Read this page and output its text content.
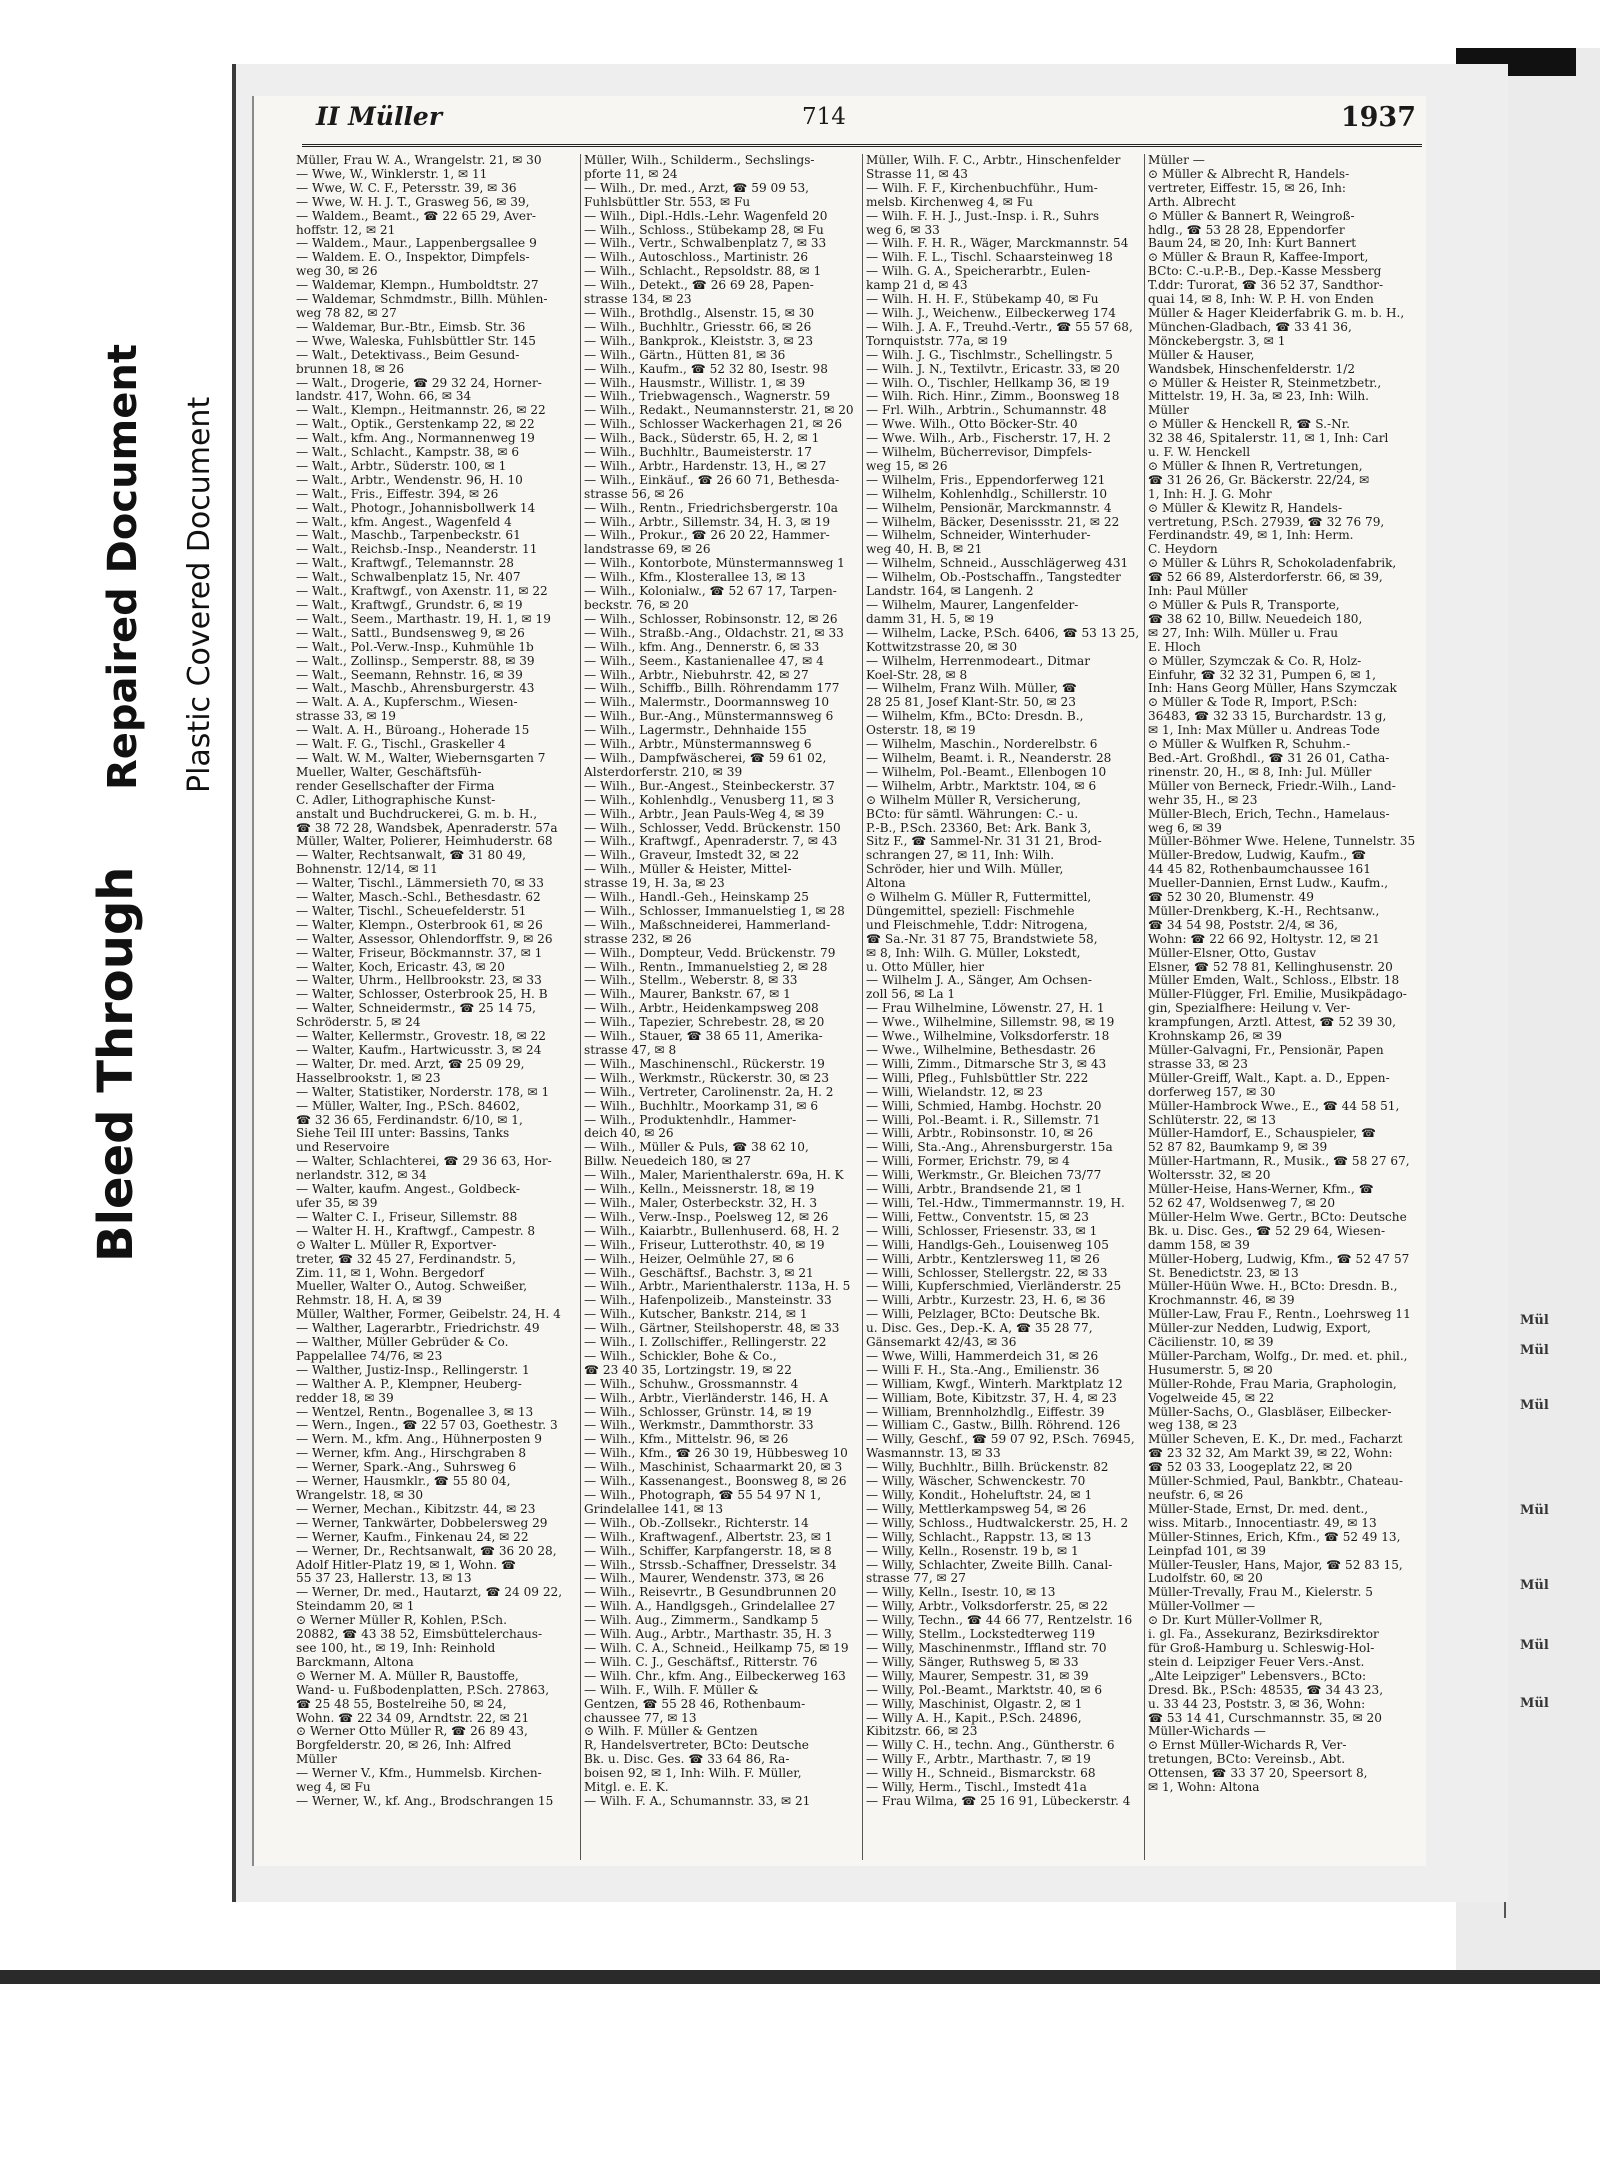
Mül
Mül
Mül
Mül
Mül
Mül
Mül
Bleed Through
Repaired Document Plastic Covered Document
II Müller	714	1937

Müller, Frau W. A., Wrangelstr. 21, ✉ 30

— Wwe, W., Winklerstr. 1, ✉ 11

— Wwe, W. C. F., Petersstr. 39, ✉ 36

— Wwe, W. H. J. T., Grasweg 56, ✉ 39,

— Waldem., Beamt., ☎ 22 65 29, Aver-

hoffstr. 12, ✉ 21

— Waldem., Maur., Lappenbergsallee 9

— Waldem. E. O., Inspektor, Dimpfels-

weg 30, ✉ 26

— Waldemar, Klempn., Humboldtstr. 27

— Waldemar, Schmdmstr., Billh. Mühlen-

weg 78 82, ✉ 27

— Waldemar, Bur.-Btr., Eimsb. Str. 36

— Wwe, Waleska, Fuhlsbüttler Str. 145

— Walt., Detektivass., Beim Gesund-

brunnen 18, ✉ 26

— Walt., Drogerie, ☎ 29 32 24, Horner-

landstr. 417, Wohn. 66, ✉ 34

— Walt., Klempn., Heitmannstr. 26, ✉ 22

— Walt., Optik., Gerstenkamp 22, ✉ 22

— Walt., kfm. Ang., Normannenweg 19

— Walt., Schlacht., Kampstr. 38, ✉ 6

— Walt., Arbtr., Süderstr. 100, ✉ 1

— Walt., Arbtr., Wendenstr. 96, H. 10

— Walt., Fris., Eiffestr. 394, ✉ 26

— Walt., Photogr., Johannisbollwerk 14

— Walt., kfm. Angest., Wagenfeld 4

— Walt., Maschb., Tarpenbeckstr. 61

— Walt., Reichsb.-Insp., Neanderstr. 11

— Walt., Kraftwgf., Telemannstr. 28

— Walt., Schwalbenplatz 15, Nr. 407

— Walt., Kraftwgf., von Axenstr. 11, ✉ 22

— Walt., Kraftwgf., Grundstr. 6, ✉ 19

— Walt., Seem., Marthastr. 19, H. 1, ✉ 19

— Walt., Sattl., Bundsensweg 9, ✉ 26

— Walt., Pol.-Verw.-Insp., Kuhmühle 1b

— Walt., Zollinsp., Semperstr. 88, ✉ 39

— Walt., Seemann, Rehnstr. 16, ✉ 39

— Walt., Maschb., Ahrensburgerstr. 43

— Walt. A. A., Kupferschm., Wiesen-

strasse 33, ✉ 19

— Walt. A. H., Büroang., Hoherade 15

— Walt. F. G., Tischl., Graskeller 4

— Walt. W. M., Walter, Wiebernsgarten 7

Mueller, Walter, Geschäftsfüh-

render Gesellschafter der Firma

C. Adler, Lithographische Kunst-

anstalt und Buchdruckerei, G. m. b. H.,

☎ 38 72 28, Wandsbek, Apenraderstr. 57a

Müller, Walter, Polierer, Heimhuderstr. 68

— Walter, Rechtsanwalt, ☎ 31 80 49,

Bohnenstr. 12/14, ✉ 11

— Walter, Tischl., Lämmersieth 70, ✉ 33

— Walter, Masch.-Schl., Bethesdastr. 62

— Walter, Tischl., Scheuefelderstr. 51

— Walter, Klempn., Osterbrook 61, ✉ 26

— Walter, Assessor, Ohlendorffstr. 9, ✉ 26

— Walter, Friseur, Böckmannstr. 37, ✉ 1

— Walter, Koch, Ericastr. 43, ✉ 20

— Walter, Uhrm., Hellbrookstr. 23, ✉ 33

— Walter, Schlosser, Osterbrook 25, H. B

— Walter, Schneidermstr., ☎ 25 14 75,

Schröderstr. 5, ✉ 24

— Walter, Kellermstr., Grovestr. 18, ✉ 22

— Walter, Kaufm., Hartwicusstr. 3, ✉ 24

— Walter, Dr. med. Arzt, ☎ 25 09 29,

Hasselbrookstr. 1, ✉ 23

— Walter, Statistiker, Norderstr. 178, ✉ 1

— Müller, Walter, Ing., P.Sch. 84602,

☎ 32 36 65, Ferdinandstr. 6/10, ✉ 1,

Siehe Teil III unter: Bassins, Tanks

und Reservoire

— Walter, Schlachterei, ☎ 29 36 63, Hor-

nerlandstr. 312, ✉ 34

— Walter, kaufm. Angest., Goldbeck-

ufer 35, ✉ 39

— Walter C. I., Friseur, Sillemstr. 88

— Walter H. H., Kraftwgf., Campestr. 8

⊙ Walter L. Müller R, Exportver-

treter, ☎ 32 45 27, Ferdinandstr. 5,

Zim. 11, ✉ 1, Wohn. Bergedorf

Mueller, Walter O., Autog. Schweißer,

Rehmstr. 18, H. A, ✉ 39

Müller, Walther, Former, Geibelstr. 24, H. 4

— Walther, Lagerarbtr., Friedrichstr. 49

— Walther, Müller Gebrüder & Co.

Pappelallee 74/76, ✉ 23

— Walther, Justiz-Insp., Rellingerstr. 1

— Walther A. P., Klempner, Heuberg-

redder 18, ✉ 39

— Wentzel, Rentn., Bogenallee 3, ✉ 13

— Wern., Ingen., ☎ 22 57 03, Goethestr. 3

— Wern. M., kfm. Ang., Hühnerposten 9

— Werner, kfm. Ang., Hirschgraben 8

— Werner, Spark.-Ang., Suhrsweg 6

— Werner, Hausmklr., ☎ 55 80 04,

Wrangelstr. 18, ✉ 30

— Werner, Mechan., Kibitzstr. 44, ✉ 23

— Werner, Tankwärter, Dobbelersweg 29

— Werner, Kaufm., Finkenau 24, ✉ 22

— Werner, Dr., Rechtsanwalt, ☎ 36 20 28,

Adolf Hitler-Platz 19, ✉ 1, Wohn. ☎

55 37 23, Hallerstr. 13, ✉ 13

— Werner, Dr. med., Hautarzt, ☎ 24 09 22,

Steindamm 20, ✉ 1

⊙ Werner Müller R, Kohlen, P.Sch.

20882, ☎ 43 38 52, Eimsbüttelerchaus-

see 100, ht., ✉ 19, Inh: Reinhold

Barckmann, Altona

⊙ Werner M. A. Müller R, Baustoffe,

Wand- u. Fußbodenplatten, P.Sch. 27863,

☎ 25 48 55, Bostelreihe 50, ✉ 24,

Wohn. ☎ 22 34 09, Arndtstr. 22, ✉ 21

⊙ Werner Otto Müller R, ☎ 26 89 43,

Borgfelderstr. 20, ✉ 26, Inh: Alfred

Müller

— Werner V., Kfm., Hummelsb. Kirchen-

weg 4, ✉ Fu

— Werner, W., kf. Ang., Brodschrangen 15

Müller, Wilh., Schilderm., Sechslings-

pforte 11, ✉ 24

— Wilh., Dr. med., Arzt, ☎ 59 09 53,

Fuhlsbüttler Str. 553, ✉ Fu

— Wilh., Dipl.-Hdls.-Lehr. Wagenfeld 20

— Wilh., Schloss., Stübekamp 28, ✉ Fu

— Wilh., Vertr., Schwalbenplatz 7, ✉ 33

— Wilh., Autoschloss., Martinistr. 26

— Wilh., Schlacht., Repsoldstr. 88, ✉ 1

— Wilh., Detekt., ☎ 26 69 28, Papen-

strasse 134, ✉ 23

— Wilh., Brothdlg., Alsenstr. 15, ✉ 30

— Wilh., Buchhltr., Griesstr. 66, ✉ 26

— Wilh., Bankprok., Kleiststr. 3, ✉ 23

— Wilh., Gärtn., Hütten 81, ✉ 36

— Wilh., Kaufm., ☎ 52 32 80, Isestr. 98

— Wilh., Hausmstr., Willistr. 1, ✉ 39

— Wilh., Triebwagensch., Wagnerstr. 59

— Wilh., Redakt., Neumannsterstr. 21, ✉ 20

— Wilh., Schlosser Wackerhagen 21, ✉ 26

— Wilh., Back., Süderstr. 65, H. 2, ✉ 1

— Wilh., Buchhltr., Baumeisterstr. 17

— Wilh., Arbtr., Hardenstr. 13, H., ✉ 27

— Wilh., Einkäuf., ☎ 26 60 71, Bethesda-

strasse 56, ✉ 26

— Wilh., Rentn., Friedrichsbergerstr. 10a

— Wilh., Arbtr., Sillemstr. 34, H. 3, ✉ 19

— Wilh., Prokur., ☎ 26 20 22, Hammer-

landstrasse 69, ✉ 26

— Wilh., Kontorbote, Münstermannsweg 1

— Wilh., Kfm., Klosterallee 13, ✉ 13

— Wilh., Kolonialw., ☎ 52 67 17, Tarpen-

beckstr. 76, ✉ 20

— Wilh., Schlosser, Robinsonstr. 12, ✉ 26

— Wilh., Straßb.-Ang., Oldachstr. 21, ✉ 33

— Wilh., kfm. Ang., Dennerstr. 6, ✉ 33

— Wilh., Seem., Kastanienallee 47, ✉ 4

— Wilh., Arbtr., Niebuhrstr. 42, ✉ 27

— Wilh., Schiffb., Billh. Röhrendamm 177

— Wilh., Malermstr., Doormannsweg 10

— Wilh., Bur.-Ang., Münstermannsweg 6

— Wilh., Lagermstr., Dehnhaide 155

— Wilh., Arbtr., Münstermannsweg 6

— Wilh., Dampfwäscherei, ☎ 59 61 02,

Alsterdorferstr. 210, ✉ 39

— Wilh., Bur.-Angest., Steinbeckerstr. 37

— Wilh., Kohlenhdlg., Venusberg 11, ✉ 3

— Wilh., Arbtr., Jean Pauls-Weg 4, ✉ 39

— Wilh., Schlosser, Vedd. Brückenstr. 150

— Wilh., Kraftwgf., Apenraderstr. 7, ✉ 43

— Wilh., Graveur, Imstedt 32, ✉ 22

— Wilh., Müller & Heister, Mittel-

strasse 19, H. 3a, ✉ 23

— Wilh., Handl.-Geh., Heinskamp 25

— Wilh., Schlosser, Immanuelstieg 1, ✉ 28

— Wilh., Maßschneiderei, Hammerland-

strasse 232, ✉ 26

— Wilh., Dompteur, Vedd. Brückenstr. 79

— Wilh., Rentn., Immanuelstieg 2, ✉ 28

— Wilh., Stellm., Weberstr. 8, ✉ 33

— Wilh., Maurer, Bankstr. 67, ✉ 1

— Wilh., Arbtr., Heidenkampsweg 208

— Wilh., Tapezier, Schrebestr. 28, ✉ 20

— Wilh., Stauer, ☎ 38 65 11, Amerika-

strasse 47, ✉ 8

— Wilh., Maschinenschl., Rückerstr. 19

— Wilh., Werkmstr., Rückerstr. 30, ✉ 23

— Wilh., Vertreter, Carolinenstr. 2a, H. 2

— Wilh., Buchhltr., Moorkamp 31, ✉ 6

— Wilh., Produktenhdlr., Hammer-

deich 40, ✉ 26

— Wilh., Müller & Puls, ☎ 38 62 10,

Billw. Neuedeich 180, ✉ 27

— Wilh., Maler, Marienthalerstr. 69a, H. K

— Wilh., Kelln., Meissnerstr. 18, ✉ 19

— Wilh., Maler, Osterbeckstr. 32, H. 3

— Wilh., Verw.-Insp., Poelsweg 12, ✉ 26

— Wilh., Kaiarbtr., Bullenhuserd. 68, H. 2

— Wilh., Friseur, Lutterothstr. 40, ✉ 19

— Wilh., Heizer, Oelmühle 27, ✉ 6

— Wilh., Geschäftsf., Bachstr. 3, ✉ 21

— Wilh., Arbtr., Marienthalerstr. 113a, H. 5

— Wilh., Hafenpolizeib., Mansteinstr. 33

— Wilh., Kutscher, Bankstr. 214, ✉ 1

— Wilh., Gärtner, Steilshoperstr. 48, ✉ 33

— Wilh., I. Zollschiffer., Rellingerstr. 22

— Wilh., Schickler, Bohe & Co.,

☎ 23 40 35, Lortzingstr. 19, ✉ 22

— Wilh., Schuhw., Grossmannstr. 4

— Wilh., Arbtr., Vierländerstr. 146, H. A

— Wilh., Schlosser, Grünstr. 14, ✉ 19

— Wilh., Werkmstr., Dammthorstr. 33

— Wilh., Kfm., Mittelstr. 96, ✉ 26

— Wilh., Kfm., ☎ 26 30 19, Hübbesweg 10

— Wilh., Maschinist, Schaarmarkt 20, ✉ 3

— Wilh., Kassenangest., Boonsweg 8, ✉ 26

— Wilh., Photograph, ☎ 55 54 97 N 1,

Grindelallee 141, ✉ 13

— Wilh., Ob.-Zollsekr., Richterstr. 14

— Wilh., Kraftwagenf., Albertstr. 23, ✉ 1

— Wilh., Schiffer, Karpfangerstr. 18, ✉ 8

— Wilh., Strssb.-Schaffner, Dresselstr. 34

— Wilh., Maurer, Wendenstr. 373, ✉ 26

— Wilh., Reisevrtr., B Gesundbrunnen 20

— Wilh. A., Handlgsgeh., Grindelallee 27

— Wilh. Aug., Zimmerm., Sandkamp 5

— Wilh. Aug., Arbtr., Marthastr. 35, H. 3

— Wilh. C. A., Schneid., Heilkamp 75, ✉ 19

— Wilh. C. J., Geschäftsf., Ritterstr. 76

— Wilh. Chr., kfm. Ang., Eilbeckerweg 163

— Wilh. F., Wilh. F. Müller &

Gentzen, ☎ 55 28 46, Rothenbaum-

chaussee 77, ✉ 13

⊙ Wilh. F. Müller & Gentzen

R, Handelsvertreter, BCto: Deutsche

Bk. u. Disc. Ges. ☎ 33 64 86, Ra-

boisen 92, ✉ 1, Inh: Wilh. F. Müller,

Mitgl. e. E. K.

— Wilh. F. A., Schumannstr. 33, ✉ 21

Müller, Wilh. F. C., Arbtr., Hinschenfelder

Strasse 11, ✉ 43

— Wilh. F. F., Kirchenbuchführ., Hum-

melsb. Kirchenweg 4, ✉ Fu

— Wilh. F. H. J., Just.-Insp. i. R., Suhrs

weg 6, ✉ 33

— Wilh. F. H. R., Wäger, Marckmannstr. 54

— Wilh. F. L., Tischl. Schaarsteinweg 18

— Wilh. G. A., Speicherarbtr., Eulen-

kamp 21 d, ✉ 43

— Wilh. H. H. F., Stübekamp 40, ✉ Fu

— Wilh. J., Weichenw., Eilbeckerweg 174

— Wilh. J. A. F., Treuhd.-Vertr., ☎ 55 57 68,

Tornquiststr. 77a, ✉ 19

— Wilh. J. G., Tischlmstr., Schellingstr. 5

— Wilh. J. N., Textilvtr., Ericastr. 33, ✉ 20

— Wilh. O., Tischler, Hellkamp 36, ✉ 19

— Wilh. Rich. Hinr., Zimm., Boonsweg 18

— Frl. Wilh., Arbtrin., Schumannstr. 48

— Wwe. Wilh., Otto Böcker-Str. 40

— Wwe. Wilh., Arb., Fischerstr. 17, H. 2

— Wilhelm, Bücherrevisor, Dimpfels-

weg 15, ✉ 26

— Wilhelm, Fris., Eppendorferweg 121

— Wilhelm, Kohlenhdlg., Schillerstr. 10

— Wilhelm, Pensionär, Marckmannstr. 4

— Wilhelm, Bäcker, Desenissstr. 21, ✉ 22

— Wilhelm, Schneider, Winterhuder-

weg 40, H. B, ✉ 21

— Wilhelm, Schneid., Ausschlägerweg 431

— Wilhelm, Ob.-Postschaffn., Tangstedter

Landstr. 164, ✉ Langenh. 2

— Wilhelm, Maurer, Langenfelder-

damm 31, H. 5, ✉ 19

— Wilhelm, Lacke, P.Sch. 6406, ☎ 53 13 25,

Kottwitzstrasse 20, ✉ 30

— Wilhelm, Herrenmodeart., Ditmar

Koel-Str. 28, ✉ 8

— Wilhelm, Franz Wilh. Müller, ☎

28 25 81, Josef Klant-Str. 50, ✉ 23

— Wilhelm, Kfm., BCto: Dresdn. B.,

Osterstr. 18, ✉ 19

— Wilhelm, Maschin., Norderelbstr. 6

— Wilhelm, Beamt. i. R., Neanderstr. 28

— Wilhelm, Pol.-Beamt., Ellenbogen 10

— Wilhelm, Arbtr., Marktstr. 104, ✉ 6

⊙ Wilhelm Müller R, Versicherung,

BCto: für sämtl. Währungen: C.- u.

P.-B., P.Sch. 23360, Bet: Ark. Bank 3,

Sitz F., ☎ Sammel-Nr. 31 31 21, Brod-

schrangen 27, ✉ 11, Inh: Wilh.

Schröder, hier und Wilh. Müller,

Altona

⊙ Wilhelm G. Müller R, Futtermittel,

Düngemittel, speziell: Fischmehle

und Fleischmehle, T.ddr: Nitrogena,

☎ Sa.-Nr. 31 87 75, Brandstwiete 58,

✉ 8, Inh: Wilh. G. Müller, Lokstedt,

u. Otto Müller, hier

— Wilhelm J. A., Sänger, Am Ochsen-

zoll 56, ✉ La 1

— Frau Wilhelmine, Löwenstr. 27, H. 1

— Wwe., Wilhelmine, Sillemstr. 98, ✉ 19

— Wwe., Wilhelmine, Volksdorferstr. 18

— Wwe., Wilhelmine, Bethesdastr. 26

— Willi, Zimm., Ditmarsche Str 3, ✉ 43

— Willi, Pfleg., Fuhlsbüttler Str. 222

— Willi, Wielandstr. 12, ✉ 23

— Willi, Schmied, Hambg. Hochstr. 20

— Willi, Pol.-Beamt. i. R., Sillemstr. 71

— Willi, Arbtr., Robinsonstr. 10, ✉ 26

— Willi, Sta.-Ang., Ahrensburgerstr. 15a

— Willi, Former, Erichstr. 79, ✉ 4

— Willi, Werkmstr., Gr. Bleichen 73/77

— Willi, Arbtr., Brandsende 21, ✉ 1

— Willi, Tel.-Hdw., Timmermannstr. 19, H.

— Willi, Fettw., Conventstr. 15, ✉ 23

— Willi, Schlosser, Friesenstr. 33, ✉ 1

— Willi, Handlgs-Geh., Louisenweg 105

— Willi, Arbtr., Kentzlersweg 11, ✉ 26

— Willi, Schlosser, Stellergstr. 22, ✉ 33

— Willi, Kupferschmied, Vierländerstr. 25

— Willi, Arbtr., Kurzestr. 23, H. 6, ✉ 36

— Willi, Pelzlager, BCto: Deutsche Bk.

u. Disc. Ges., Dep.-K. A, ☎ 35 28 77,

Gänsemarkt 42/43, ✉ 36

— Wwe, Willi, Hammerdeich 31, ✉ 26

— Willi F. H., Sta.-Ang., Emilienstr. 36

— William, Kwgf., Winterh. Marktplatz 12

— William, Bote, Kibitzstr. 37, H. 4, ✉ 23

— William, Brennholzhdlg., Eiffestr. 39

— William C., Gastw., Billh. Röhrend. 126

— Willy, Geschf., ☎ 59 07 92, P.Sch. 76945,

Wasmannstr. 13, ✉ 33

— Willy, Buchhltr., Billh. Brückenstr. 82

— Willy, Wäscher, Schwenckestr. 70

— Willy, Kondit., Hoheluftstr. 24, ✉ 1

— Willy, Mettlerkampsweg 54, ✉ 26

— Willy, Schloss., Hudtwalckerstr. 25, H. 2

— Willy, Schlacht., Rappstr. 13, ✉ 13

— Willy, Kelln., Rosenstr. 19 b, ✉ 1

— Willy, Schlachter, Zweite Billh. Canal-

strasse 77, ✉ 27

— Willy, Kelln., Isestr. 10, ✉ 13

— Willy, Arbtr., Volksdorferstr. 25, ✉ 22

— Willy, Techn., ☎ 44 66 77, Rentzelstr. 16

— Willy, Stellm., Lockstedterweg 119

— Willy, Maschinenmstr., Iffland str. 70

— Willy, Sänger, Ruthsweg 5, ✉ 33

— Willy, Maurer, Sempestr. 31, ✉ 39

— Willy, Pol.-Beamt., Marktstr. 40, ✉ 6

— Willy, Maschinist, Olgastr. 2, ✉ 1

— Willy A. H., Kapit., P.Sch. 24896,

Kibitzstr. 66, ✉ 23

— Willy C. H., techn. Ang., Güntherstr. 6

— Willy F., Arbtr., Marthastr. 7, ✉ 19

— Willy H., Schneid., Bismarckstr. 68

— Willy, Herm., Tischl., Imstedt 41a

— Frau Wilma, ☎ 25 16 91, Lübeckerstr. 4

Müller —

⊙ Müller & Albrecht R, Handels-

vertreter, Eiffestr. 15, ✉ 26, Inh:

Arth. Albrecht

⊙ Müller & Bannert R, Weingroß-

hdlg., ☎ 53 28 28, Eppendorfer

Baum 24, ✉ 20, Inh: Kurt Bannert

⊙ Müller & Braun R, Kaffee-Import,

BCto: C.-u.P.-B., Dep.-Kasse Messberg

T.ddr: Turorat, ☎ 36 52 37, Sandthor-

quai 14, ✉ 8, Inh: W. P. H. von Enden

Müller & Hager Kleiderfabrik G. m. b. H.,

München-Gladbach, ☎ 33 41 36,

Mönckebergstr. 3, ✉ 1

Müller & Hauser,

Wandsbek, Hinschenfelderstr. 1/2

⊙ Müller & Heister R, Steinmetzbetr.,

Mittelstr. 19, H. 3a, ✉ 23, Inh: Wilh.

Müller

⊙ Müller & Henckell R, ☎ S.-Nr.

32 38 46, Spitalerstr. 11, ✉ 1, Inh: Carl

u. F. W. Henckell

⊙ Müller & Ihnen R, Vertretungen,

☎ 31 26 26, Gr. Bäckerstr. 22/24, ✉

1, Inh: H. J. G. Mohr

⊙ Müller & Klewitz R, Handels-

vertretung, P.Sch. 27939, ☎ 32 76 79,

Ferdinandstr. 49, ✉ 1, Inh: Herm.

C. Heydorn

⊙ Müller & Lührs R, Schokoladenfabrik,

☎ 52 66 89, Alsterdorferstr. 66, ✉ 39,

Inh: Paul Müller

⊙ Müller & Puls R, Transporte,

☎ 38 62 10, Billw. Neuedeich 180,

✉ 27, Inh: Wilh. Müller u. Frau

E. Hloch

⊙ Müller, Szymczak & Co. R, Holz-

Einfuhr, ☎ 32 32 31, Pumpen 6, ✉ 1,

Inh: Hans Georg Müller, Hans Szymczak

⊙ Müller & Tode R, Import, P.Sch:

36483, ☎ 32 33 15, Burchardstr. 13 g,

✉ 1, Inh: Max Müller u. Andreas Tode

⊙ Müller & Wulfken R, Schuhm.-

Bed.-Art. Großhdl., ☎ 31 26 01, Catha-

rinenstr. 20, H., ✉ 8, Inh: Jul. Müller

Müller von Berneck, Friedr.-Wilh., Land-

wehr 35, H., ✉ 23

Müller-Blech, Erich, Techn., Hamelaus-

weg 6, ✉ 39

Müller-Böhmer Wwe. Helene, Tunnelstr. 35

Müller-Bredow, Ludwig, Kaufm., ☎

44 45 82, Rothenbaumchaussee 161

Mueller-Dannien, Ernst Ludw., Kaufm.,

☎ 52 30 20, Blumenstr. 49

Müller-Drenkberg, K.-H., Rechtsanw.,

☎ 34 54 98, Poststr. 2/4, ✉ 36,

Wohn: ☎ 22 66 92, Holtystr. 12, ✉ 21

Müller-Elsner, Otto, Gustav

Elsner, ☎ 52 78 81, Kellinghusenstr. 20

Müller Emden, Walt., Schloss., Elbstr. 18

Müller-Flügger, Frl. Emilie, Musikpädago-

gin, Spezialfhere: Heilung v. Ver-

krampfungen, Ärztl. Attest, ☎ 52 39 30,

Krohnskamp 26, ✉ 39

Müller-Galvagni, Fr., Pensionär, Papen

strasse 33, ✉ 23

Müller-Greiff, Walt., Kapt. a. D., Eppen-

dorferweg 157, ✉ 30

Müller-Hambrock Wwe., E., ☎ 44 58 51,

Schlüterstr. 22, ✉ 13

Müller-Hamdorf, E., Schauspieler, ☎

52 87 82, Baumkamp 9, ✉ 39

Müller-Hartmann, R., Musik., ☎ 58 27 67,

Woltersstr. 32, ✉ 20

Müller-Heise, Hans-Werner, Kfm., ☎

52 62 47, Woldsenweg 7, ✉ 20

Müller-Helm Wwe. Gertr., BCto: Deutsche

Bk. u. Disc. Ges., ☎ 52 29 64, Wiesen-

damm 158, ✉ 39

Müller-Hoberg, Ludwig, Kfm., ☎ 52 47 57

St. Benedictstr. 23, ✉ 13

Müller-Hüün Wwe. H., BCto: Dresdn. B.,

Krochmannstr. 46, ✉ 39

Müller-Law, Frau F., Rentn., Loehrsweg 11

Müller-zur Nedden, Ludwig, Export,

Cäcilienstr. 10, ✉ 39

Müller-Parcham, Wolfg., Dr. med. et. phil.,

Husumerstr. 5, ✉ 20

Müller-Rohde, Frau Maria, Graphologin,

Vogelweide 45, ✉ 22

Müller-Sachs, O., Glasbläser, Eilbecker-

weg 138, ✉ 23

Müller Scheven, E. K., Dr. med., Facharzt

☎ 23 32 32, Am Markt 39, ✉ 22, Wohn:

☎ 52 03 33, Loogeplatz 22, ✉ 20

Müller-Schmied, Paul, Bankbtr., Chateau-

neufstr. 6, ✉ 26

Müller-Stade, Ernst, Dr. med. dent.,

wiss. Mitarb., Innocentiastr. 49, ✉ 13

Müller-Stinnes, Erich, Kfm., ☎ 52 49 13,

Leinpfad 101, ✉ 39

Müller-Teusler, Hans, Major, ☎ 52 83 15,

Ludolfstr. 60, ✉ 20

Müller-Trevally, Frau M., Kielerstr. 5

Müller-Vollmer —

⊙ Dr. Kurt Müller-Vollmer R,

i. gl. Fa., Assekuranz, Bezirksdirektor

für Groß-Hamburg u. Schleswig-Hol-

stein d. Leipziger Feuer Vers.-Anst.

„Alte Leipziger" Lebensvers., BCto:

Dresd. Bk., P.Sch: 48535, ☎ 34 43 23,

u. 33 44 23, Poststr. 3, ✉ 36, Wohn:

☎ 53 14 41, Curschmannstr. 35, ✉ 20

Müller-Wichards —

⊙ Ernst Müller-Wichards R, Ver-

tretungen, BCto: Vereinsb., Abt.

Ottensen, ☎ 33 37 20, Speersort 8,

✉ 1, Wohn: Altona
